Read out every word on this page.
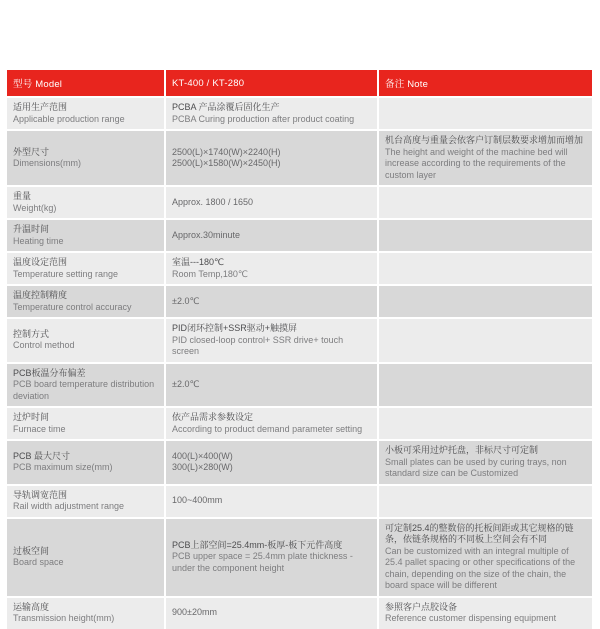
型号 Model	KT-400 / KT-280	备注 Note
适用生产范围
Applicable production range
PCBA 产品涂覆后固化生产
PCBA Curing production after product coating
外型尺寸
Dimensions(mm)
2500(L)×1740(W)×2240(H)
2500(L)×1580(W)×2450(H)
机台高度与重量会依客户订制层数要求增加而增加
The height and weight of the machine bed will increase according to the requirements of the custom layer
重量
Weight(kg)
Approx. 1800 / 1650
升温时间
Heating time
Approx.30minute
温度设定范围
Temperature setting range
室温---180℃
Room Temp,180℃
温度控制精度
Temperature control accuracy
±2.0℃
控制方式
Control method
PID闭环控制+SSR驱动+触摸屏
PID closed-loop control+ SSR drive+ touch screen
PCB板温分布偏差
PCB board temperature distribution deviation
±2.0℃
过炉时间
Furnace time
依产品需求参数设定
According to product demand parameter setting
PCB 最大尺寸
PCB maximum size(mm)
400(L)×400(W)
300(L)×280(W)
小板可采用过炉托盘，非标尺寸可定制
Small plates can be used by curing trays, non standard size can be Customized
导轨调宽范围
Rail width adjustment range
100~400mm
过板空间
Board space
PCB上部空间=25.4mm-板厚-板下元件高度
PCB upper space = 25.4mm plate thickness - under the component height
可定制25.4的整数倍的托板间距或其它规格的链条，依链条规格的不同板上空间会有不同
Can be customized with an integral multiple of 25.4 pallet spacing or other specifications of the chain, depending on the size of the chain, the board space will be different
运输高度
Transmission height(mm)
900±20mm
参照客户点胶设备
Reference customer dispensing equipment
